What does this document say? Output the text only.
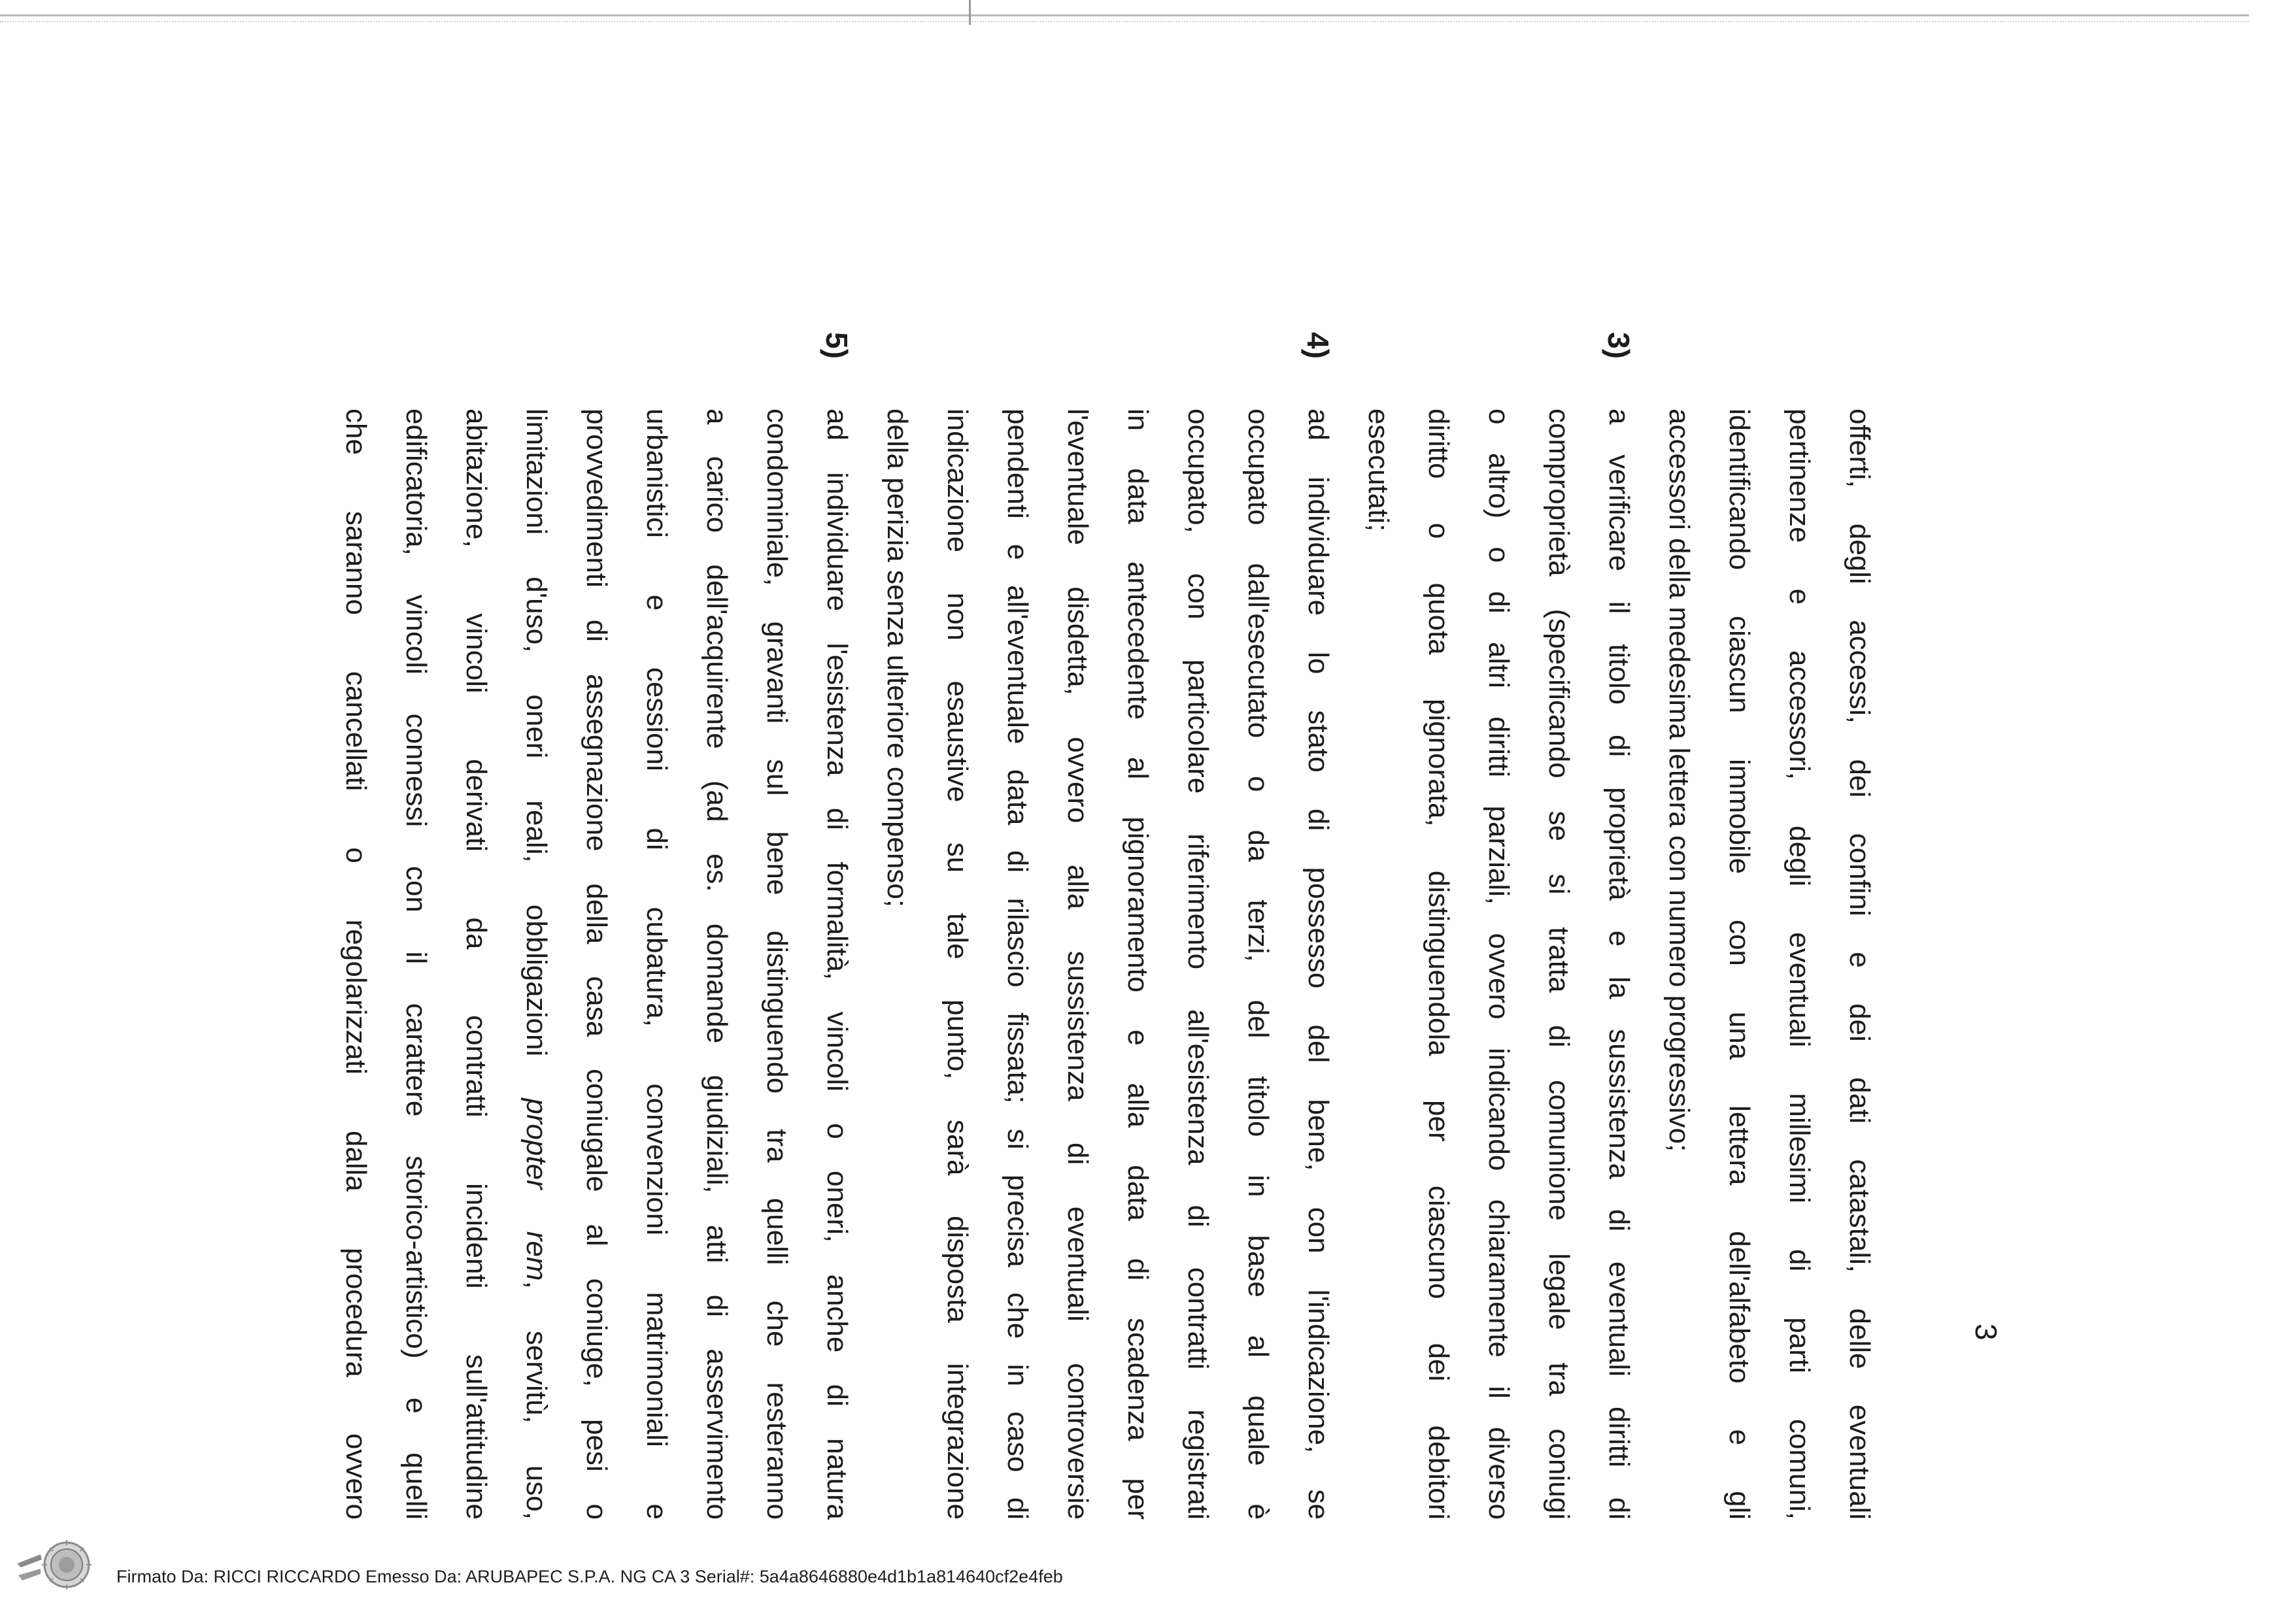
3
offerti, degli accessi, dei confini e dei dati catastali, delle eventuali
pertinenze e accessori, degli eventuali millesimi di parti comuni,
identificando ciascun immobile con una lettera dell'alfabeto e gli
accessori della medesima lettera con numero progressivo;
3)
a verificare il titolo di proprietà e la sussistenza di eventuali diritti di
comproprietà (specificando se si tratta di comunione legale tra coniugi
o altro) o di altri diritti parziali, ovvero indicando chiaramente il diverso
diritto o quota pignorata, distinguendola per ciascuno dei debitori
esecutati;
4)
ad individuare lo stato di possesso del bene, con l'indicazione, se
occupato dall'esecutato o da terzi, del titolo in base al quale è
occupato, con particolare riferimento all'esistenza di contratti registrati
in data antecedente al pignoramento e alla data di scadenza per
l'eventuale disdetta, ovvero alla sussistenza di eventuali controversie
pendenti e all'eventuale data di rilascio fissata; si precisa che in caso di
indicazione non esaustive su tale punto, sarà disposta integrazione
della perizia senza ulteriore compenso;
5)
ad individuare l'esistenza di formalità, vincoli o oneri, anche di natura
condominiale, gravanti sul bene distinguendo tra quelli che resteranno
a carico dell'acquirente (ad es. domande giudiziali, atti di asservimento
urbanistici e cessioni di cubatura, convenzioni matrimoniali e
provvedimenti di assegnazione della casa coniugale al coniuge, pesi o
limitazioni d'uso, oneri reali, obbligazioni propter rem, servitù, uso,
abitazione, vincoli derivati da contratti incidenti sull'attitudine
edificatoria, vincoli connessi con il carattere storico-artistico) e quelli
che saranno cancellati o regolarizzati dalla procedura ovvero
Firmato Da: RICCI RICCARDO Emesso Da: ARUBAPEC S.P.A. NG CA 3 Serial#: 5a4a8646880e4d1b1a814640cf2e4feb
